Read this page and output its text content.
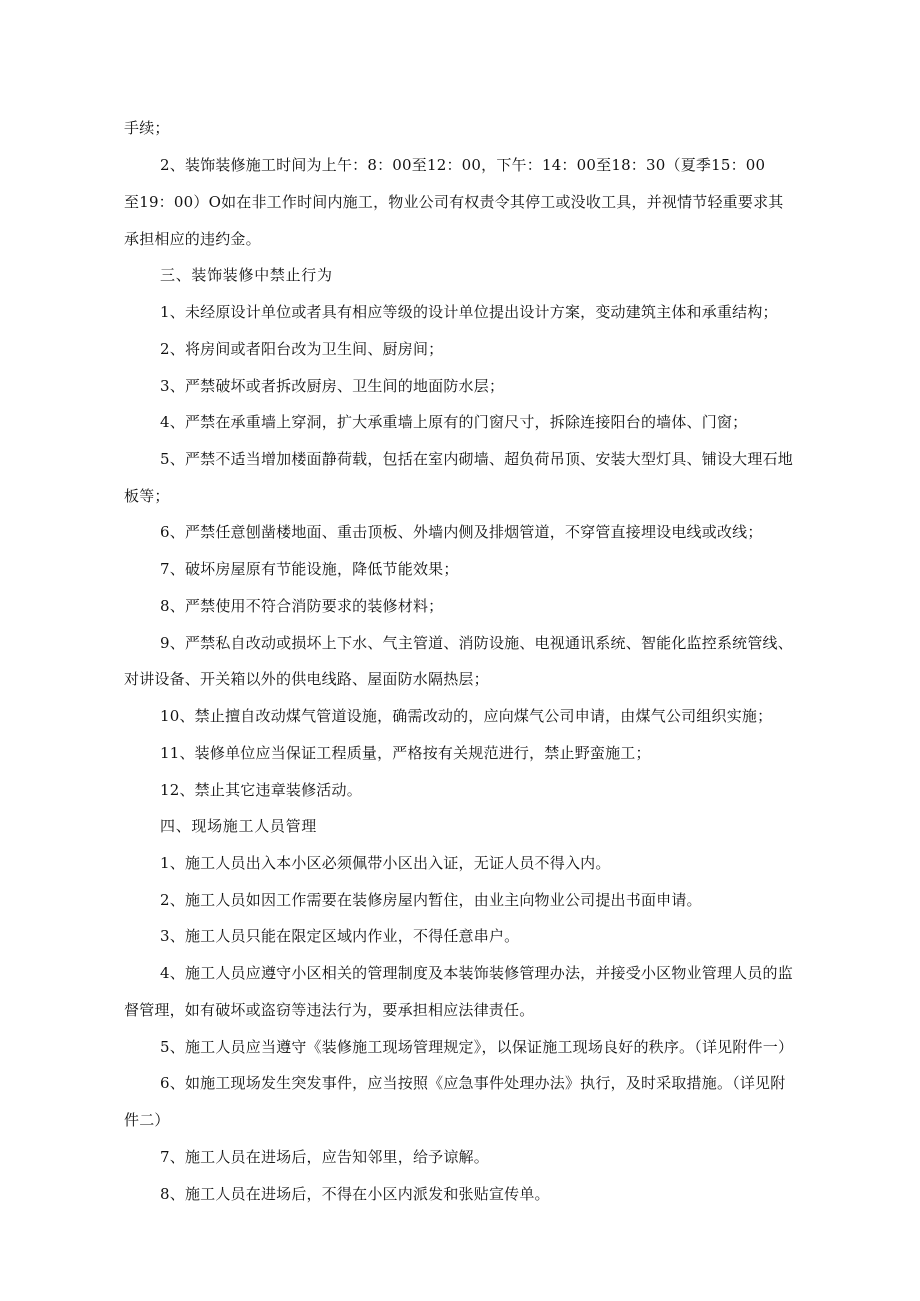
手续；
2、装饰装修施工时间为上午：8：00至12：00，下午：14：00至18：30（夏季15：00
至19：00）O如在非工作时间内施工，物业公司有权责令其停工或没收工具，并视情节轻重要求其
承担相应的违约金。
三、装饰装修中禁止行为
1、未经原设计单位或者具有相应等级的设计单位提出设计方案，变动建筑主体和承重结构；
2、将房间或者阳台改为卫生间、厨房间；
3、严禁破坏或者拆改厨房、卫生间的地面防水层；
4、严禁在承重墙上穿洞，扩大承重墙上原有的门窗尺寸，拆除连接阳台的墙体、门窗；
5、严禁不适当增加楼面静荷载，包括在室内砌墙、超负荷吊顶、安装大型灯具、铺设大理石地
板等；
6、严禁任意刨凿楼地面、重击顶板、外墙内侧及排烟管道，不穿管直接埋设电线或改线；
7、破坏房屋原有节能设施，降低节能效果；
8、严禁使用不符合消防要求的装修材料；
9、严禁私自改动或损坏上下水、气主管道、消防设施、电视通讯系统、智能化监控系统管线、
对讲设备、开关箱以外的供电线路、屋面防水隔热层；
10、禁止擅自改动煤气管道设施，确需改动的，应向煤气公司申请，由煤气公司组织实施；
11、装修单位应当保证工程质量，严格按有关规范进行，禁止野蛮施工；
12、禁止其它违章装修活动。
四、现场施工人员管理
1、施工人员出入本小区必须佩带小区出入证，无证人员不得入内。
2、施工人员如因工作需要在装修房屋内暂住，由业主向物业公司提出书面申请。
3、施工人员只能在限定区域内作业，不得任意串户。
4、施工人员应遵守小区相关的管理制度及本装饰装修管理办法，并接受小区物业管理人员的监
督管理，如有破坏或盗窃等违法行为，要承担相应法律责任。
5、施工人员应当遵守《装修施工现场管理规定》，以保证施工现场良好的秩序。（详见附件一）
6、如施工现场发生突发事件，应当按照《应急事件处理办法》执行，及时采取措施。（详见附
件二）
7、施工人员在进场后，应告知邻里，给予谅解。
8、施工人员在进场后，不得在小区内派发和张贴宣传单。
